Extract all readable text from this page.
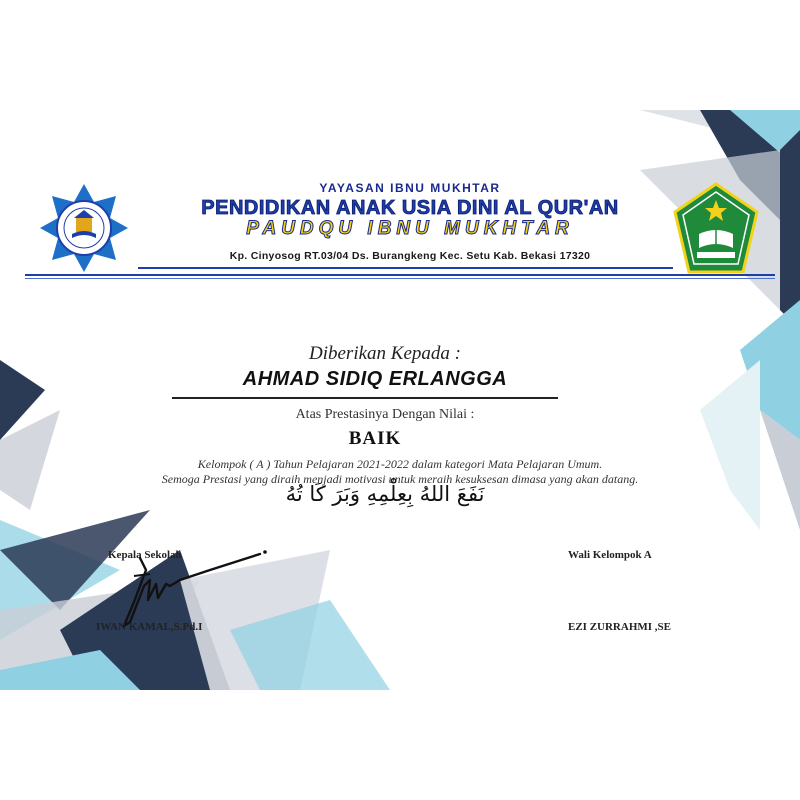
YAYASAN IBNU MUKHTAR
PENDIDIKAN ANAK USIA DINI AL QUR'AN
PAUDQU IBNU MUKHTAR
Kp. Cinyosog RT.03/04 Ds. Burangkeng Kec. Setu Kab. Bekasi 17320
Diberikan Kepada :
AHMAD SIDIQ ERLANGGA
Atas Prestasinya Dengan Nilai :
BAIK
Kelompok ( A ) Tahun Pelajaran 2021-2022 dalam kategori Mata Pelajaran Umum.
Semoga Prestasi yang diraih menjadi motivasi untuk meraih kesuksesan dimasa yang akan datang.
نَفَعَ اللهُ بِعِلْمِهِ وَبَرَ كَا تُهُ
Kepala Sekolah
IWAN KAMAL,S.Pd.I
Wali Kelompok A
EZI ZURRAHMI ,SE
